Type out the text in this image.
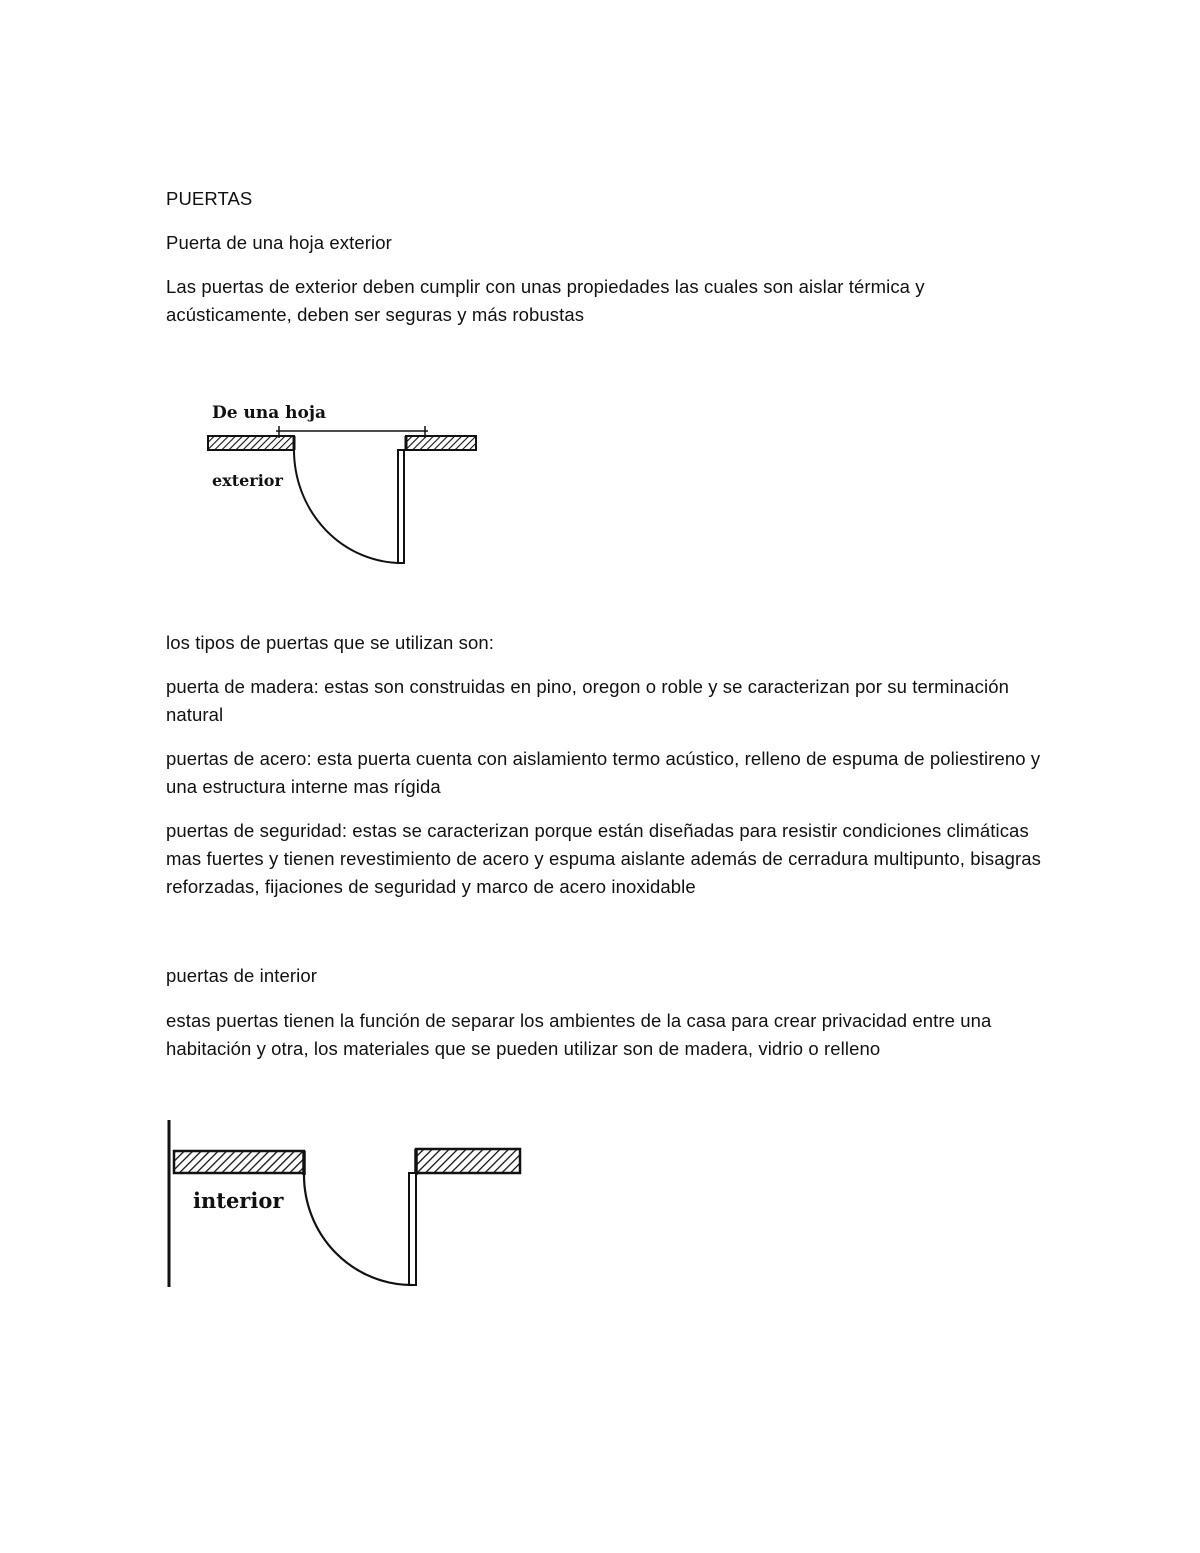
PUERTAS

Puerta de una hoja exterior

Las puertas de exterior deben cumplir con unas propiedades las cuales son aislar térmica y acústicamente, deben ser seguras y más robustas

De una hoja
exterior

los tipos de puertas que se utilizan son:

puerta de madera: estas son construidas en pino, oregon o roble y se caracterizan por su terminación natural

puertas de acero: esta puerta cuenta con aislamiento termo acústico, relleno de espuma de poliestireno y una estructura interne mas rígida

puertas de seguridad: estas se caracterizan porque están diseñadas para resistir condiciones climáticas mas fuertes y tienen revestimiento de acero y espuma aislante además de cerradura multipunto, bisagras reforzadas, fijaciones de seguridad y marco de acero inoxidable

puertas de interior

estas puertas tienen la función de separar los ambientes de la casa para crear privacidad entre una habitación y otra, los materiales que se pueden utilizar son de madera, vidrio o relleno

interior
